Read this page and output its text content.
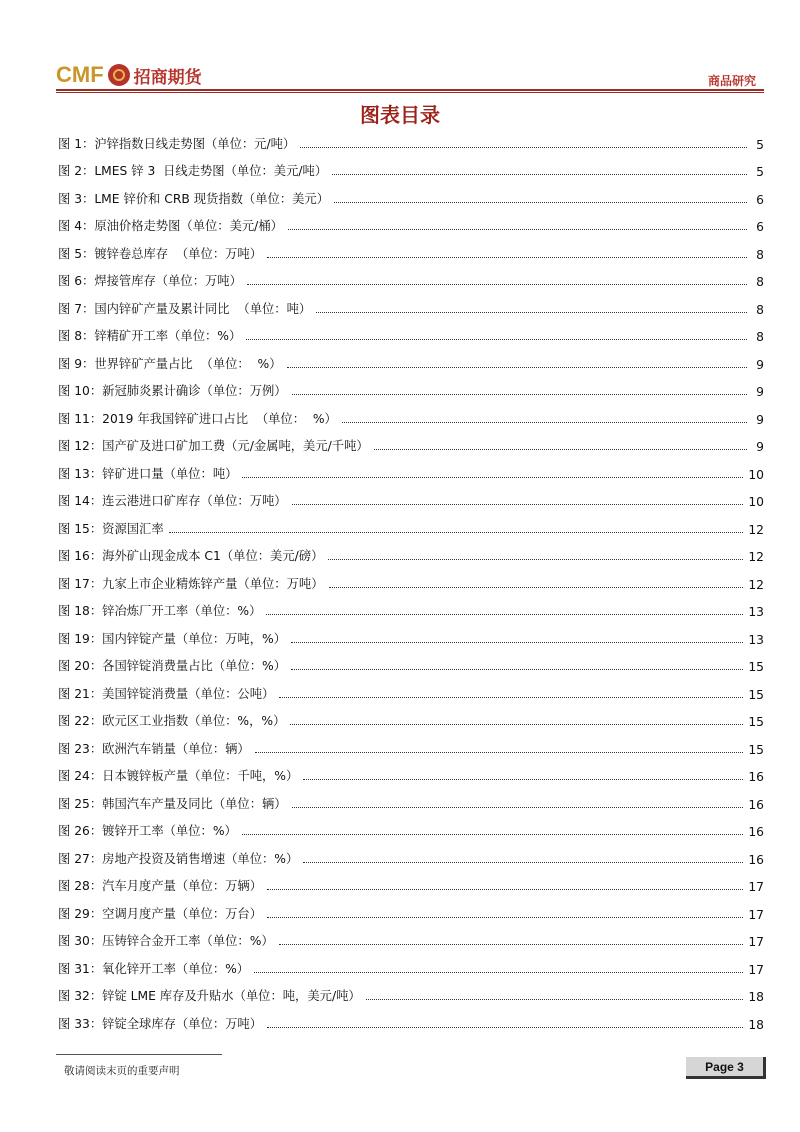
CMF 招商期货	商品研究
图表目录
图 1：沪锌指数日线走势图（单位：元/吨）	5
图 2：LMES 锌 3  日线走势图（单位：美元/吨）	5
图 3：LME 锌价和 CRB 现货指数（单位：美元）	6
图 4：原油价格走势图（单位：美元/桶）	6
图 5：镀锌卷总库存  （单位：万吨）	8
图 6：焊接管库存（单位：万吨）	8
图 7：国内锌矿产量及累计同比  （单位：吨）	8
图 8：锌精矿开工率（单位：%）	8
图 9：世界锌矿产量占比  （单位：  %）	9
图 10：新冠肺炎累计确诊（单位：万例）	9
图 11：2019 年我国锌矿进口占比  （单位：  %）	9
图 12：国产矿及进口矿加工费（元/金属吨，美元/千吨）	9
图 13：锌矿进口量（单位：吨）	10
图 14：连云港进口矿库存（单位：万吨）	10
图 15：资源国汇率	12
图 16：海外矿山现金成本 C1（单位：美元/磅）	12
图 17：九家上市企业精炼锌产量（单位：万吨）	12
图 18：锌冶炼厂开工率（单位：%）	13
图 19：国内锌锭产量（单位：万吨，%）	13
图 20：各国锌锭消费量占比（单位：%）	15
图 21：美国锌锭消费量（单位：公吨）	15
图 22：欧元区工业指数（单位：%，%）	15
图 23：欧洲汽车销量（单位：辆）	15
图 24：日本镀锌板产量（单位：千吨，%）	16
图 25：韩国汽车产量及同比（单位：辆）	16
图 26：镀锌开工率（单位：%）	16
图 27：房地产投资及销售增速（单位：%）	16
图 28：汽车月度产量（单位：万辆）	17
图 29：空调月度产量（单位：万台）	17
图 30：压铸锌合金开工率（单位：%）	17
图 31：氧化锌开工率（单位：%）	17
图 32：锌锭 LME 库存及升贴水（单位：吨，美元/吨）	18
图 33：锌锭全球库存（单位：万吨）	18
敬请阅读末页的重要声明	Page 3
